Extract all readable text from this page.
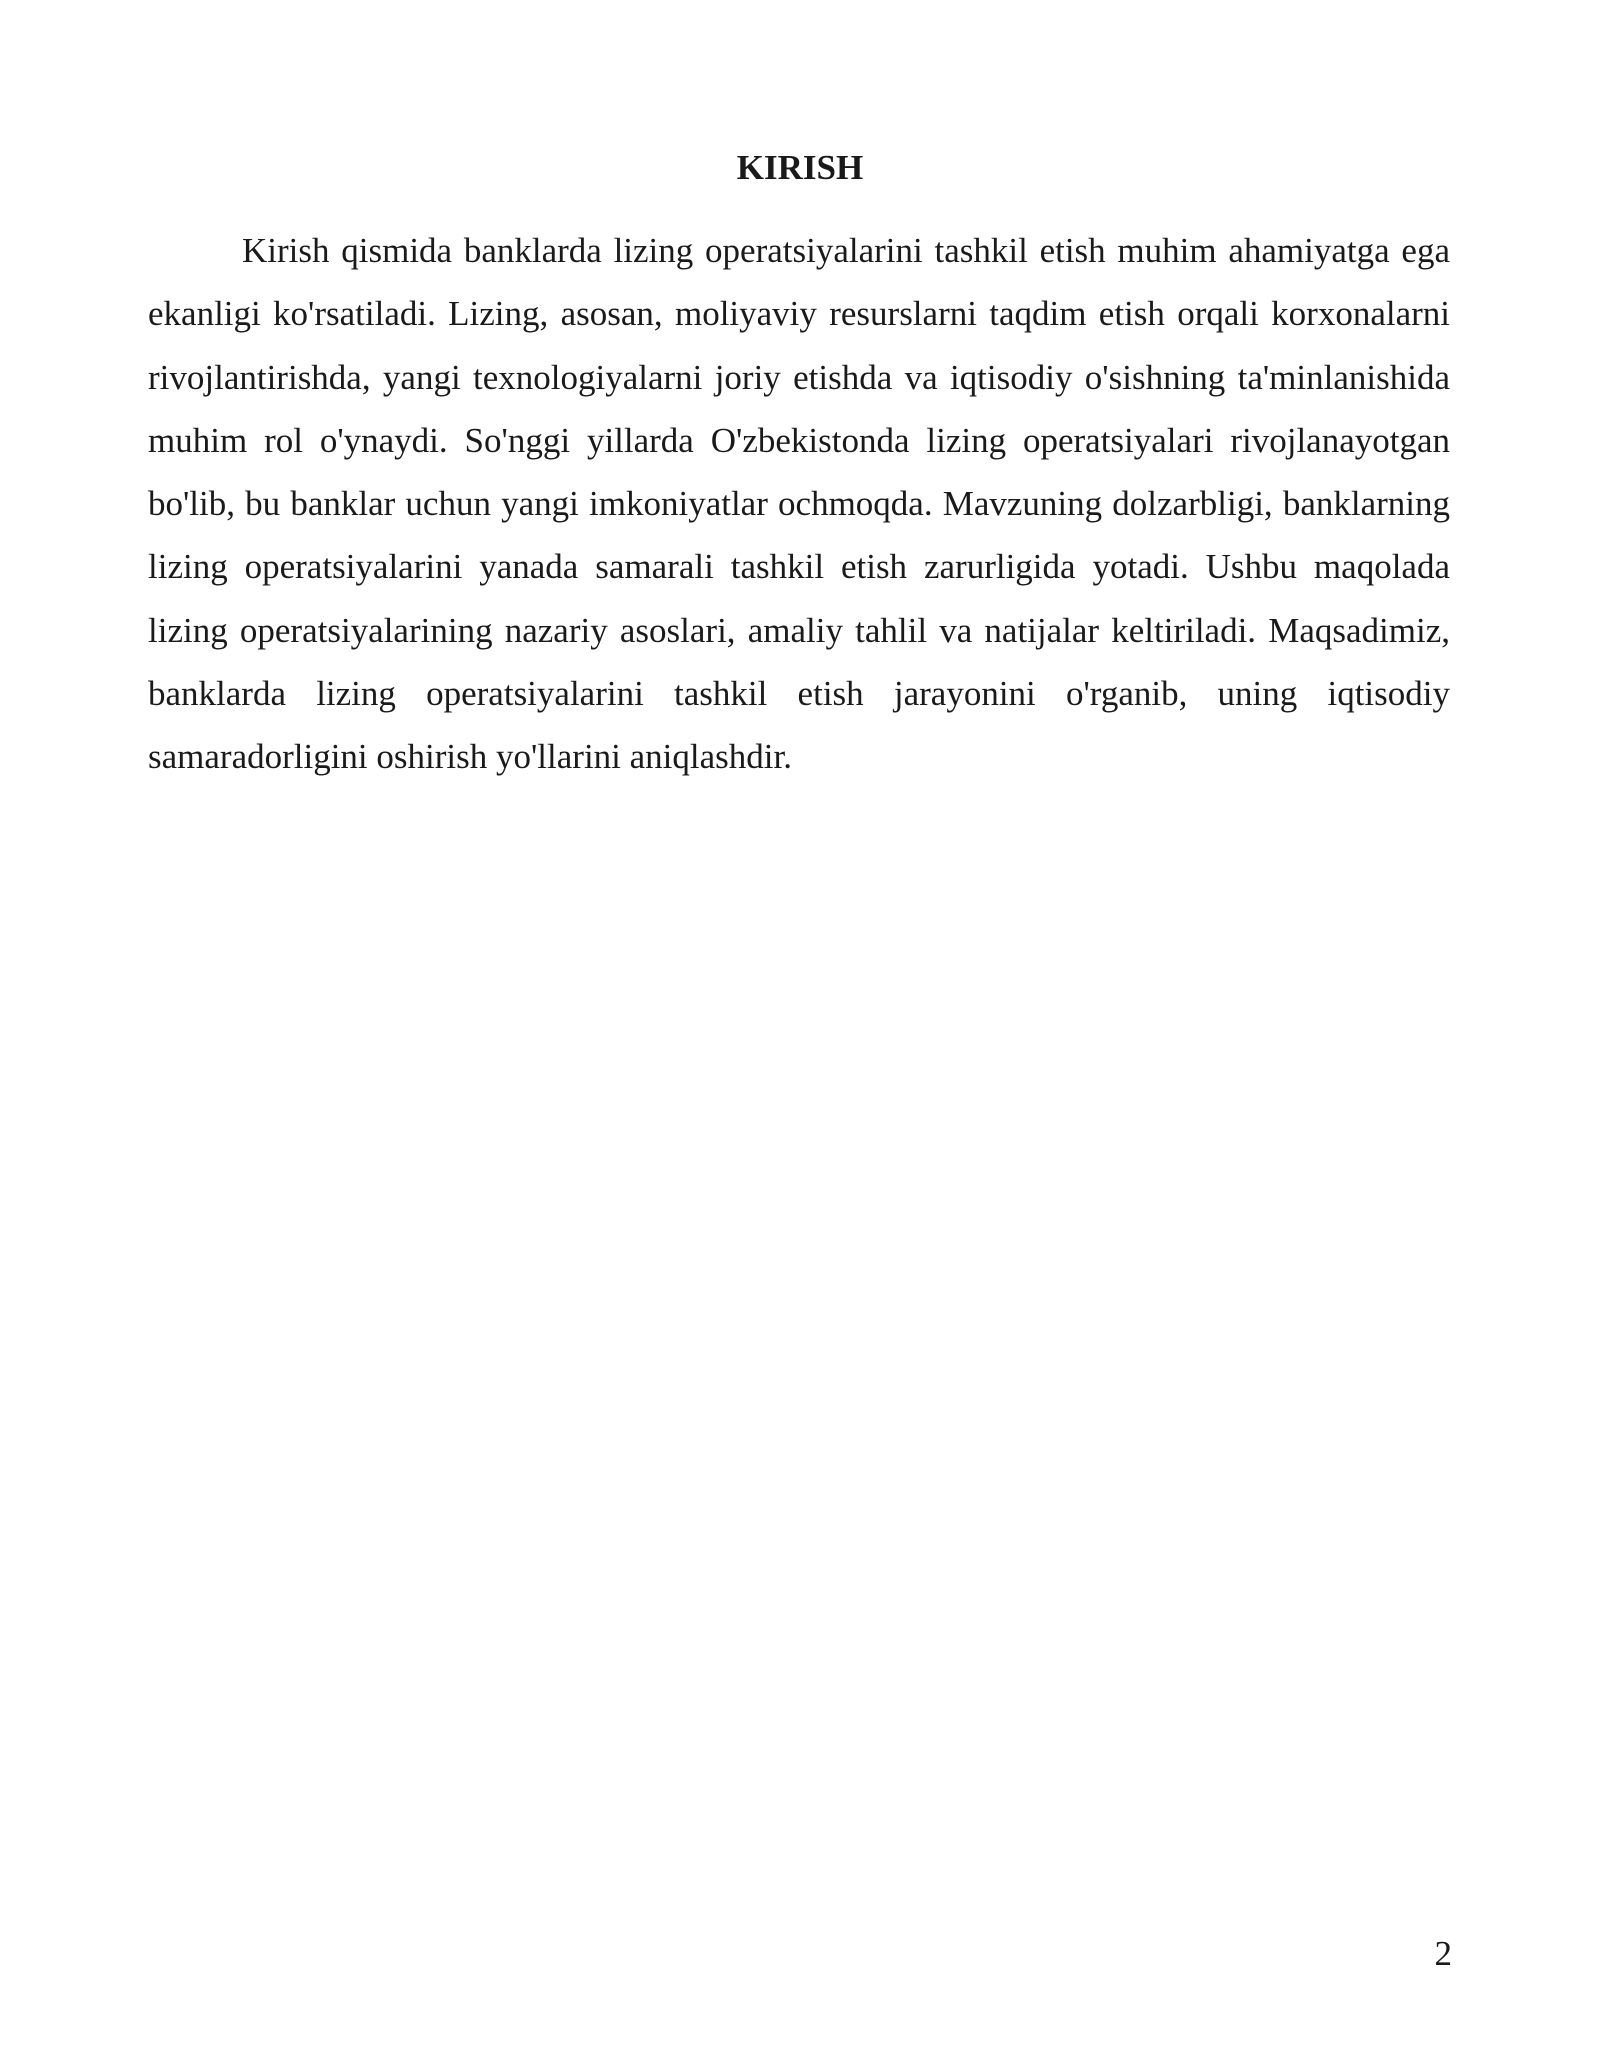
KIRISH

Kirish qismida banklarda lizing operatsiyalarini tashkil etish muhim ahamiyatga ega ekanligi ko'rsatiladi. Lizing, asosan, moliyaviy resurslarni taqdim etish orqali korxonalarni rivojlantirishda, yangi texnologiyalarni joriy etishda va iqtisodiy o'sishning ta'minlanishida muhim rol o'ynaydi. So'nggi yillarda O'zbekistonda lizing operatsiyalari rivojlanayotgan bo'lib, bu banklar uchun yangi imkoniyatlar ochmoqda. Mavzuning dolzarbligi, banklarning lizing operatsiyalarini yanada samarali tashkil etish zarurligida yotadi. Ushbu maqolada lizing operatsiyalarining nazariy asoslari, amaliy tahlil va natijalar keltiriladi. Maqsadimiz, banklarda lizing operatsiyalarini tashkil etish jarayonini o'rganib, uning iqtisodiy samaradorligini oshirish yo'llarini aniqlashdir.

2
